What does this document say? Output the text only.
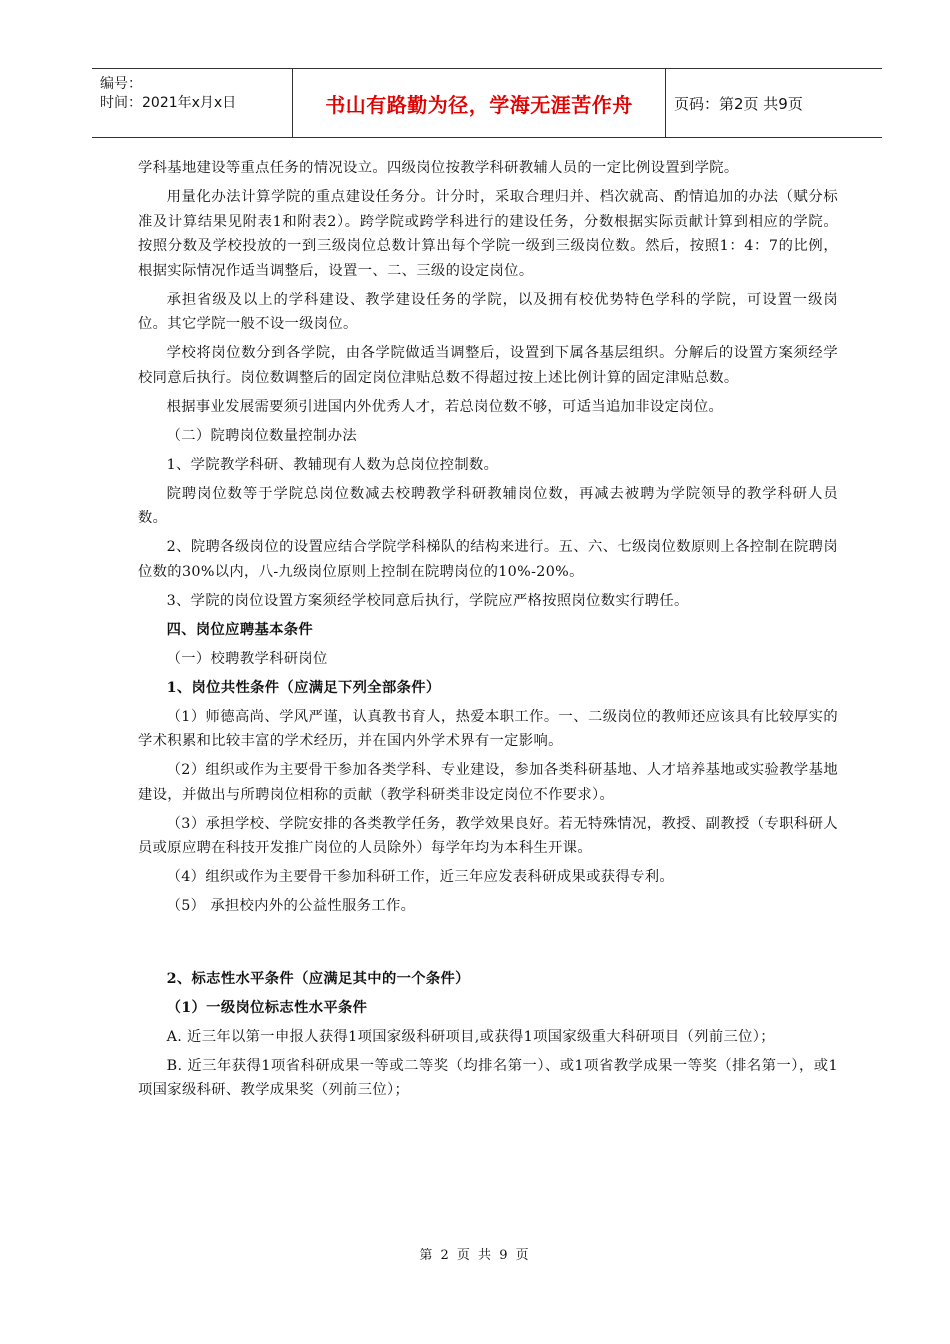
编号：
时间：2021年x月x日	书山有路勤为径，学海无涯苦作舟	页码：第2页 共9页

学科基地建设等重点任务的情况设立。四级岗位按教学科研教辅人员的一定比例设置到学院。

用量化办法计算学院的重点建设任务分。计分时，采取合理归并、档次就高、酌情追加的办法（赋分标准及计算结果见附表1和附表2）。跨学院或跨学科进行的建设任务，分数根据实际贡献计算到相应的学院。按照分数及学校投放的一到三级岗位总数计算出每个学院一级到三级岗位数。然后，按照1：4：7的比例，根据实际情况作适当调整后，设置一、二、三级的设定岗位。

承担省级及以上的学科建设、教学建设任务的学院，以及拥有校优势特色学科的学院，可设置一级岗位。其它学院一般不设一级岗位。

学校将岗位数分到各学院，由各学院做适当调整后，设置到下属各基层组织。分解后的设置方案须经学校同意后执行。岗位数调整后的固定岗位津贴总数不得超过按上述比例计算的固定津贴总数。

根据事业发展需要须引进国内外优秀人才，若总岗位数不够，可适当追加非设定岗位。

（二）院聘岗位数量控制办法

1、学院教学科研、教辅现有人数为总岗位控制数。

院聘岗位数等于学院总岗位数减去校聘教学科研教辅岗位数，再减去被聘为学院领导的教学科研人员数。

2、院聘各级岗位的设置应结合学院学科梯队的结构来进行。五、六、七级岗位数原则上各控制在院聘岗位数的30%以内，八-九级岗位原则上控制在院聘岗位的10%-20%。

3、学院的岗位设置方案须经学校同意后执行，学院应严格按照岗位数实行聘任。

四、岗位应聘基本条件

（一）校聘教学科研岗位

1、岗位共性条件（应满足下列全部条件）

（1）师德高尚、学风严谨，认真教书育人，热爱本职工作。一、二级岗位的教师还应该具有比较厚实的学术积累和比较丰富的学术经历，并在国内外学术界有一定影响。

（2）组织或作为主要骨干参加各类学科、专业建设，参加各类科研基地、人才培养基地或实验教学基地建设，并做出与所聘岗位相称的贡献（教学科研类非设定岗位不作要求）。

（3）承担学校、学院安排的各类教学任务，教学效果良好。若无特殊情况，教授、副教授（专职科研人员或原应聘在科技开发推广岗位的人员除外）每学年均为本科生开课。

（4）组织或作为主要骨干参加科研工作，近三年应发表科研成果或获得专利。

（5） 承担校内外的公益性服务工作。

2、标志性水平条件（应满足其中的一个条件）

（1）一级岗位标志性水平条件

A. 近三年以第一申报人获得1项国家级科研项目,或获得1项国家级重大科研项目（列前三位）；

B. 近三年获得1项省科研成果一等或二等奖（均排名第一）、或1项省教学成果一等奖（排名第一），或1项国家级科研、教学成果奖（列前三位）；

第 2 页 共 9 页
